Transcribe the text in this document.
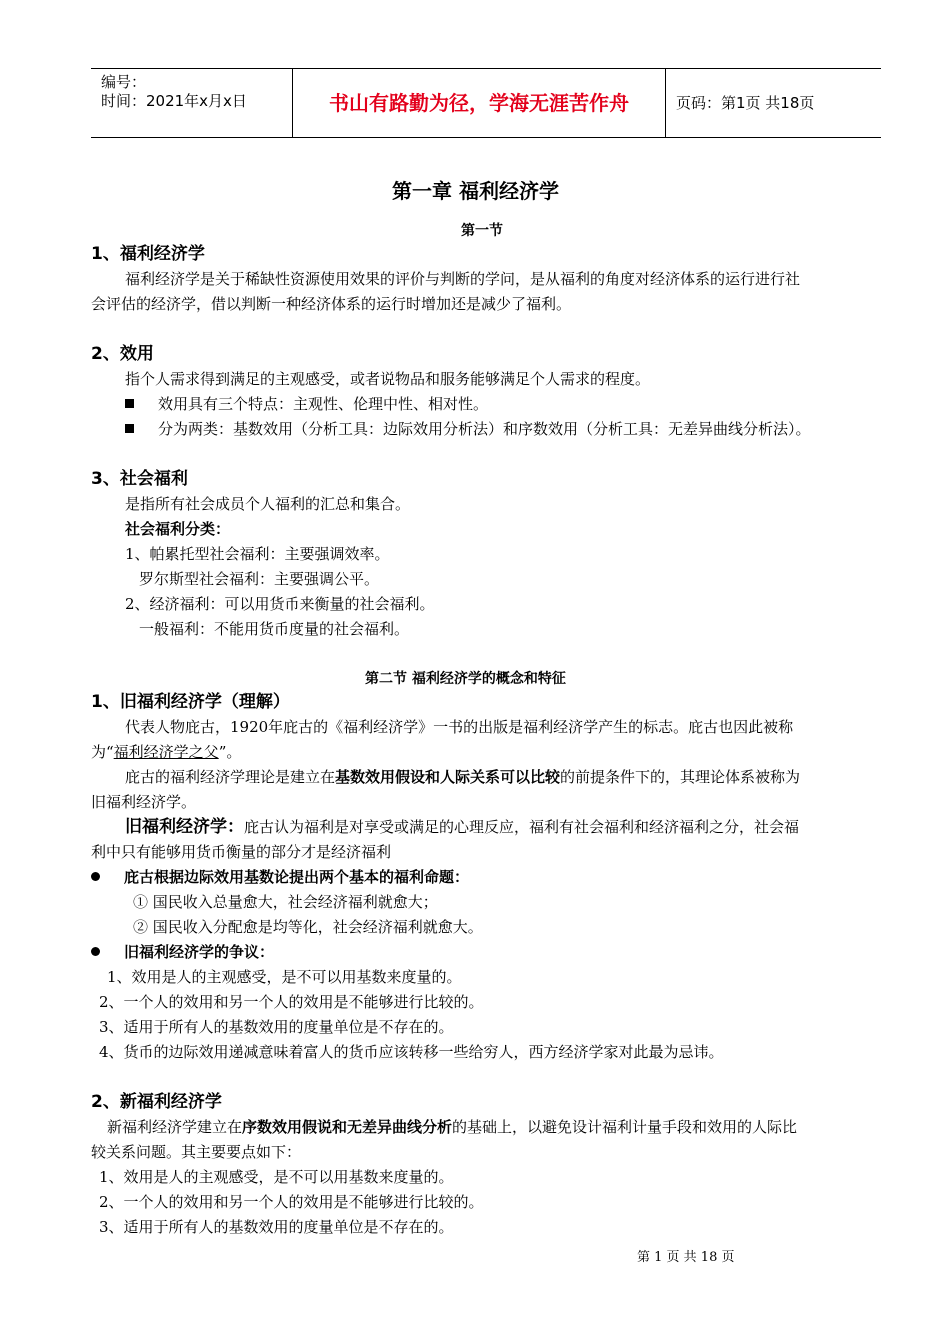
编号：
时间：2021年x月x日	书山有路勤为径，学海无涯苦作舟	页码：第1页 共18页
第一章 福利经济学
第一节
1、福利经济学
福利经济学是关于稀缺性资源使用效果的评价与判断的学问，是从福利的角度对经济体系的运行进行社
会评估的经济学，借以判断一种经济体系的运行时增加还是减少了福利。
2、效用
指个人需求得到满足的主观感受，或者说物品和服务能够满足个人需求的程度。
效用具有三个特点：主观性、伦理中性、相对性。
分为两类：基数效用（分析工具：边际效用分析法）和序数效用（分析工具：无差异曲线分析法）。
3、社会福利
是指所有社会成员个人福利的汇总和集合。
社会福利分类：
1、帕累托型社会福利：主要强调效率。
罗尔斯型社会福利：主要强调公平。
2、经济福利：可以用货币来衡量的社会福利。
一般福利：不能用货币度量的社会福利。
第二节 福利经济学的概念和特征
1、旧福利经济学（理解）
代表人物庇古，1920年庇古的《福利经济学》一书的出版是福利经济学产生的标志。庇古也因此被称
为“福利经济学之父”。
庇古的福利经济学理论是建立在基数效用假设和人际关系可以比较的前提条件下的，其理论体系被称为
旧福利经济学。
旧福利经济学：庇古认为福利是对享受或满足的心理反应，福利有社会福利和经济福利之分，社会福
利中只有能够用货币衡量的部分才是经济福利
庇古根据边际效用基数论提出两个基本的福利命题：
① 国民收入总量愈大，社会经济福利就愈大；
② 国民收入分配愈是均等化，社会经济福利就愈大。
旧福利经济学的争议：
1、效用是人的主观感受，是不可以用基数来度量的。
2、一个人的效用和另一个人的效用是不能够进行比较的。
3、适用于所有人的基数效用的度量单位是不存在的。
4、货币的边际效用递减意味着富人的货币应该转移一些给穷人，西方经济学家对此最为忌讳。
2、新福利经济学
新福利经济学建立在序数效用假说和无差异曲线分析的基础上，以避免设计福利计量手段和效用的人际比
较关系问题。其主要要点如下：
1、效用是人的主观感受，是不可以用基数来度量的。
2、一个人的效用和另一个人的效用是不能够进行比较的。
3、适用于所有人的基数效用的度量单位是不存在的。
第 1 页 共 18 页
